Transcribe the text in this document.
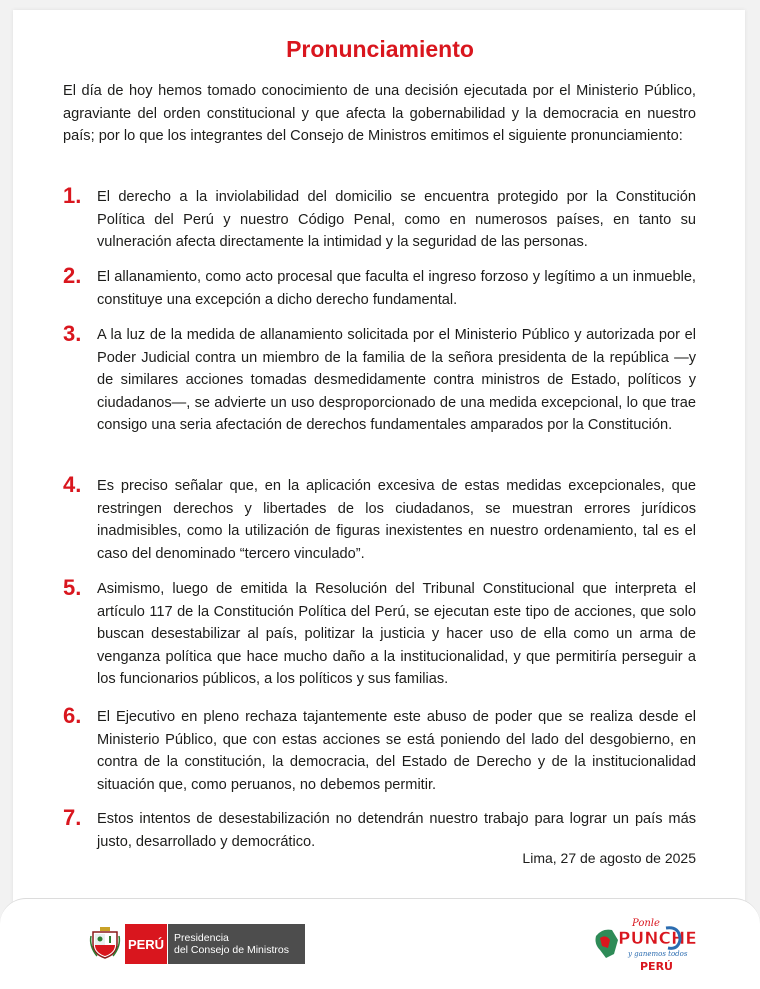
Pronunciamiento
El día de hoy hemos tomado conocimiento de una decisión ejecutada por el Ministerio Público, agraviante del orden constitucional y que afecta la gobernabilidad y la democracia en nuestro país; por lo que los integrantes del Consejo de Ministros emitimos el siguiente pronunciamiento:
1. El derecho a la inviolabilidad del domicilio se encuentra protegido por la Constitución Política del Perú y nuestro Código Penal, como en numerosos países, en tanto su vulneración afecta directamente la intimidad y la seguridad de las personas.
2. El allanamiento, como acto procesal que faculta el ingreso forzoso y legítimo a un inmueble, constituye una excepción a dicho derecho fundamental.
3. A la luz de la medida de allanamiento solicitada por el Ministerio Público y autorizada por el Poder Judicial contra un miembro de la familia de la señora presidenta de la república —y de similares acciones tomadas desmedidamente contra ministros de Estado, políticos y ciudadanos—, se advierte un uso desproporcionado de una medida excepcional, lo que trae consigo una seria afectación de derechos fundamentales amparados por la Constitución.
4. Es preciso señalar que, en la aplicación excesiva de estas medidas excepcionales, que restringen derechos y libertades de los ciudadanos, se muestran errores jurídicos inadmisibles, como la utilización de figuras inexistentes en nuestro ordenamiento, tal es el caso del denominado “tercero vinculado”.
5. Asimismo, luego de emitida la Resolución del Tribunal Constitucional que interpreta el artículo 117 de la Constitución Política del Perú, se ejecutan este tipo de acciones, que solo buscan desestabilizar al país, politizar la justicia y hacer uso de ella como un arma de venganza política que hace mucho daño a la institucionalidad, y que permitiría perseguir a los funcionarios públicos, a los políticos y sus familias.
6. El Ejecutivo en pleno rechaza tajantemente este abuso de poder que se realiza desde el Ministerio Público, que con estas acciones se está poniendo del lado del desgobierno, en contra de la constitución, la democracia, del Estado de Derecho y de la institucionalidad situación que, como peruanos, no debemos permitir.
7. Estos intentos de desestabilización no detendrán nuestro trabajo para lograr un país más justo, desarrollado y democrático.
Lima, 27 de agosto de 2025
PERÚ Presidencia
del Consejo de Ministros
Ponle
PUNCHE
y ganemos todos
PERÚ
